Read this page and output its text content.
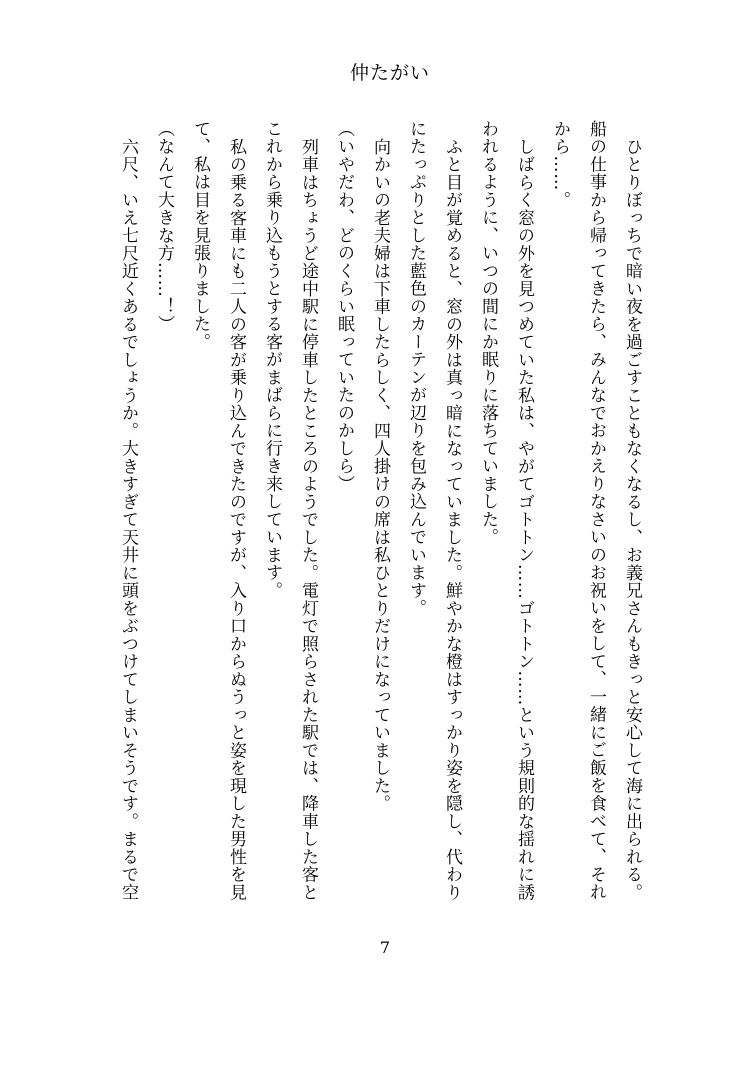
仲たがい

ひとりぼっちで暗い夜を過ごすこともなくなるし、お義兄さんもきっと安心して海に出られる。船の仕事から帰ってきたら、みんなでおかえりなさいのお祝いをして、一緒にご飯を食べて、それから……。

しばらく窓の外を見つめていた私は、やがてゴトトン……ゴトトン……という規則的な揺れに誘われるように、いつの間にか眠りに落ちていました。

ふと目が覚めると、窓の外は真っ暗になっていました。鮮やかな橙はすっかり姿を隠し、代わりにたっぷりとした藍色のカーテンが辺りを包み込んでいます。

向かいの老夫婦は下車したらしく、四人掛けの席は私ひとりだけになっていました。

（いやだわ、どのくらい眠っていたのかしら）

列車はちょうど途中駅に停車したところのようでした。電灯で照らされた駅では、降車した客とこれから乗り込もうとする客がまばらに行き来しています。

私の乗る客車にも二人の客が乗り込んできたのですが、入り口からぬうっと姿を現した男性を見て、私は目を見張りました。

（なんて大きな方……！）

六尺、いえ七尺近くあるでしょうか。大きすぎて天井に頭をぶつけてしまいそうです。まるで空

7
